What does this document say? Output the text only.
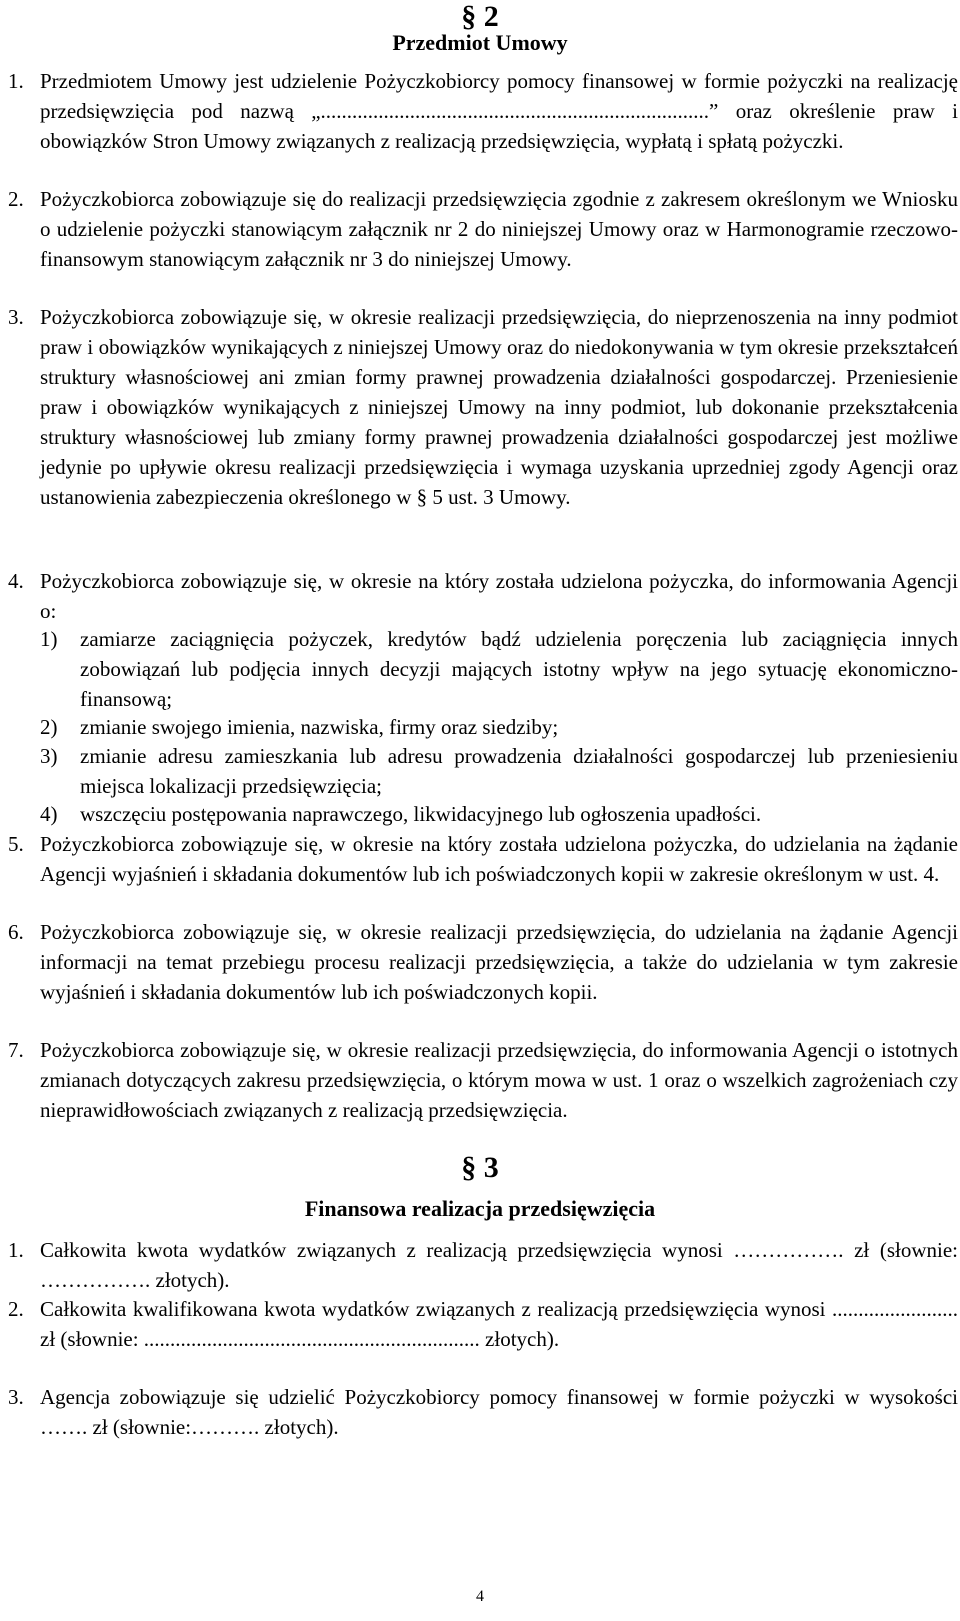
§ 2
Przedmiot Umowy
1. Przedmiotem Umowy jest udzielenie Pożyczkobiorcy pomocy finansowej w formie pożyczki na realizację przedsięwzięcia pod nazwą „..........................................................................” oraz określenie praw i obowiązków Stron Umowy związanych z realizacją przedsięwzięcia, wypłatą i spłatą pożyczki.
2. Pożyczkobiorca zobowiązuje się do realizacji przedsięwzięcia zgodnie z zakresem określonym we Wniosku o udzielenie pożyczki stanowiącym załącznik nr 2 do niniejszej Umowy oraz w Harmonogramie rzeczowo-finansowym stanowiącym załącznik nr 3 do niniejszej Umowy.
3. Pożyczkobiorca zobowiązuje się, w okresie realizacji przedsięwzięcia, do nieprzenoszenia na inny podmiot praw i obowiązków wynikających z niniejszej Umowy oraz do niedokonywania w tym okresie przekształceń struktury własnościowej ani zmian formy prawnej prowadzenia działalności gospodarczej. Przeniesienie praw i obowiązków wynikających z niniejszej Umowy na inny podmiot, lub dokonanie przekształcenia struktury własnościowej lub zmiany formy prawnej prowadzenia działalności gospodarczej jest możliwe jedynie po upływie okresu realizacji przedsięwzięcia i wymaga uzyskania uprzedniej zgody Agencji oraz ustanowienia zabezpieczenia określonego w § 5 ust. 3 Umowy.
4. Pożyczkobiorca zobowiązuje się, w okresie na który została udzielona pożyczka, do informowania Agencji o:
1) zamiarze zaciągnięcia pożyczek, kredytów bądź udzielenia poręczenia lub zaciągnięcia innych zobowiązań lub podjęcia innych decyzji mających istotny wpływ na jego sytuację ekonomiczno-finansową;
2) zmianie swojego imienia, nazwiska, firmy oraz siedziby;
3) zmianie adresu zamieszkania lub adresu prowadzenia działalności gospodarczej lub przeniesieniu miejsca lokalizacji przedsięwzięcia;
4) wszczęciu postępowania naprawczego, likwidacyjnego lub ogłoszenia upadłości.
5. Pożyczkobiorca zobowiązuje się, w okresie na który została udzielona pożyczka, do udzielania na żądanie Agencji wyjaśnień i składania dokumentów lub ich poświadczonych kopii w zakresie określonym w ust. 4.
6. Pożyczkobiorca zobowiązuje się, w okresie realizacji przedsięwzięcia, do udzielania na żądanie Agencji informacji na temat przebiegu procesu realizacji przedsięwzięcia, a także do udzielania w tym zakresie wyjaśnień i składania dokumentów lub ich poświadczonych kopii.
7. Pożyczkobiorca zobowiązuje się, w okresie realizacji przedsięwzięcia, do informowania Agencji o istotnych zmianach dotyczących zakresu przedsięwzięcia, o którym mowa w ust. 1 oraz o wszelkich zagrożeniach czy nieprawidłowościach związanych z realizacją przedsięwzięcia.
§ 3
Finansowa realizacja przedsięwzięcia
1. Całkowita kwota wydatków związanych z realizacją przedsięwzięcia wynosi ……………. zł (słownie: ……………. złotych).
2. Całkowita kwalifikowana kwota wydatków związanych z realizacją przedsięwzięcia wynosi ........................ zł (słownie: ................................................................ złotych).
3. Agencja zobowiązuje się udzielić Pożyczkobiorcy pomocy finansowej w formie pożyczki w wysokości ……. zł (słownie:………. złotych).
4
